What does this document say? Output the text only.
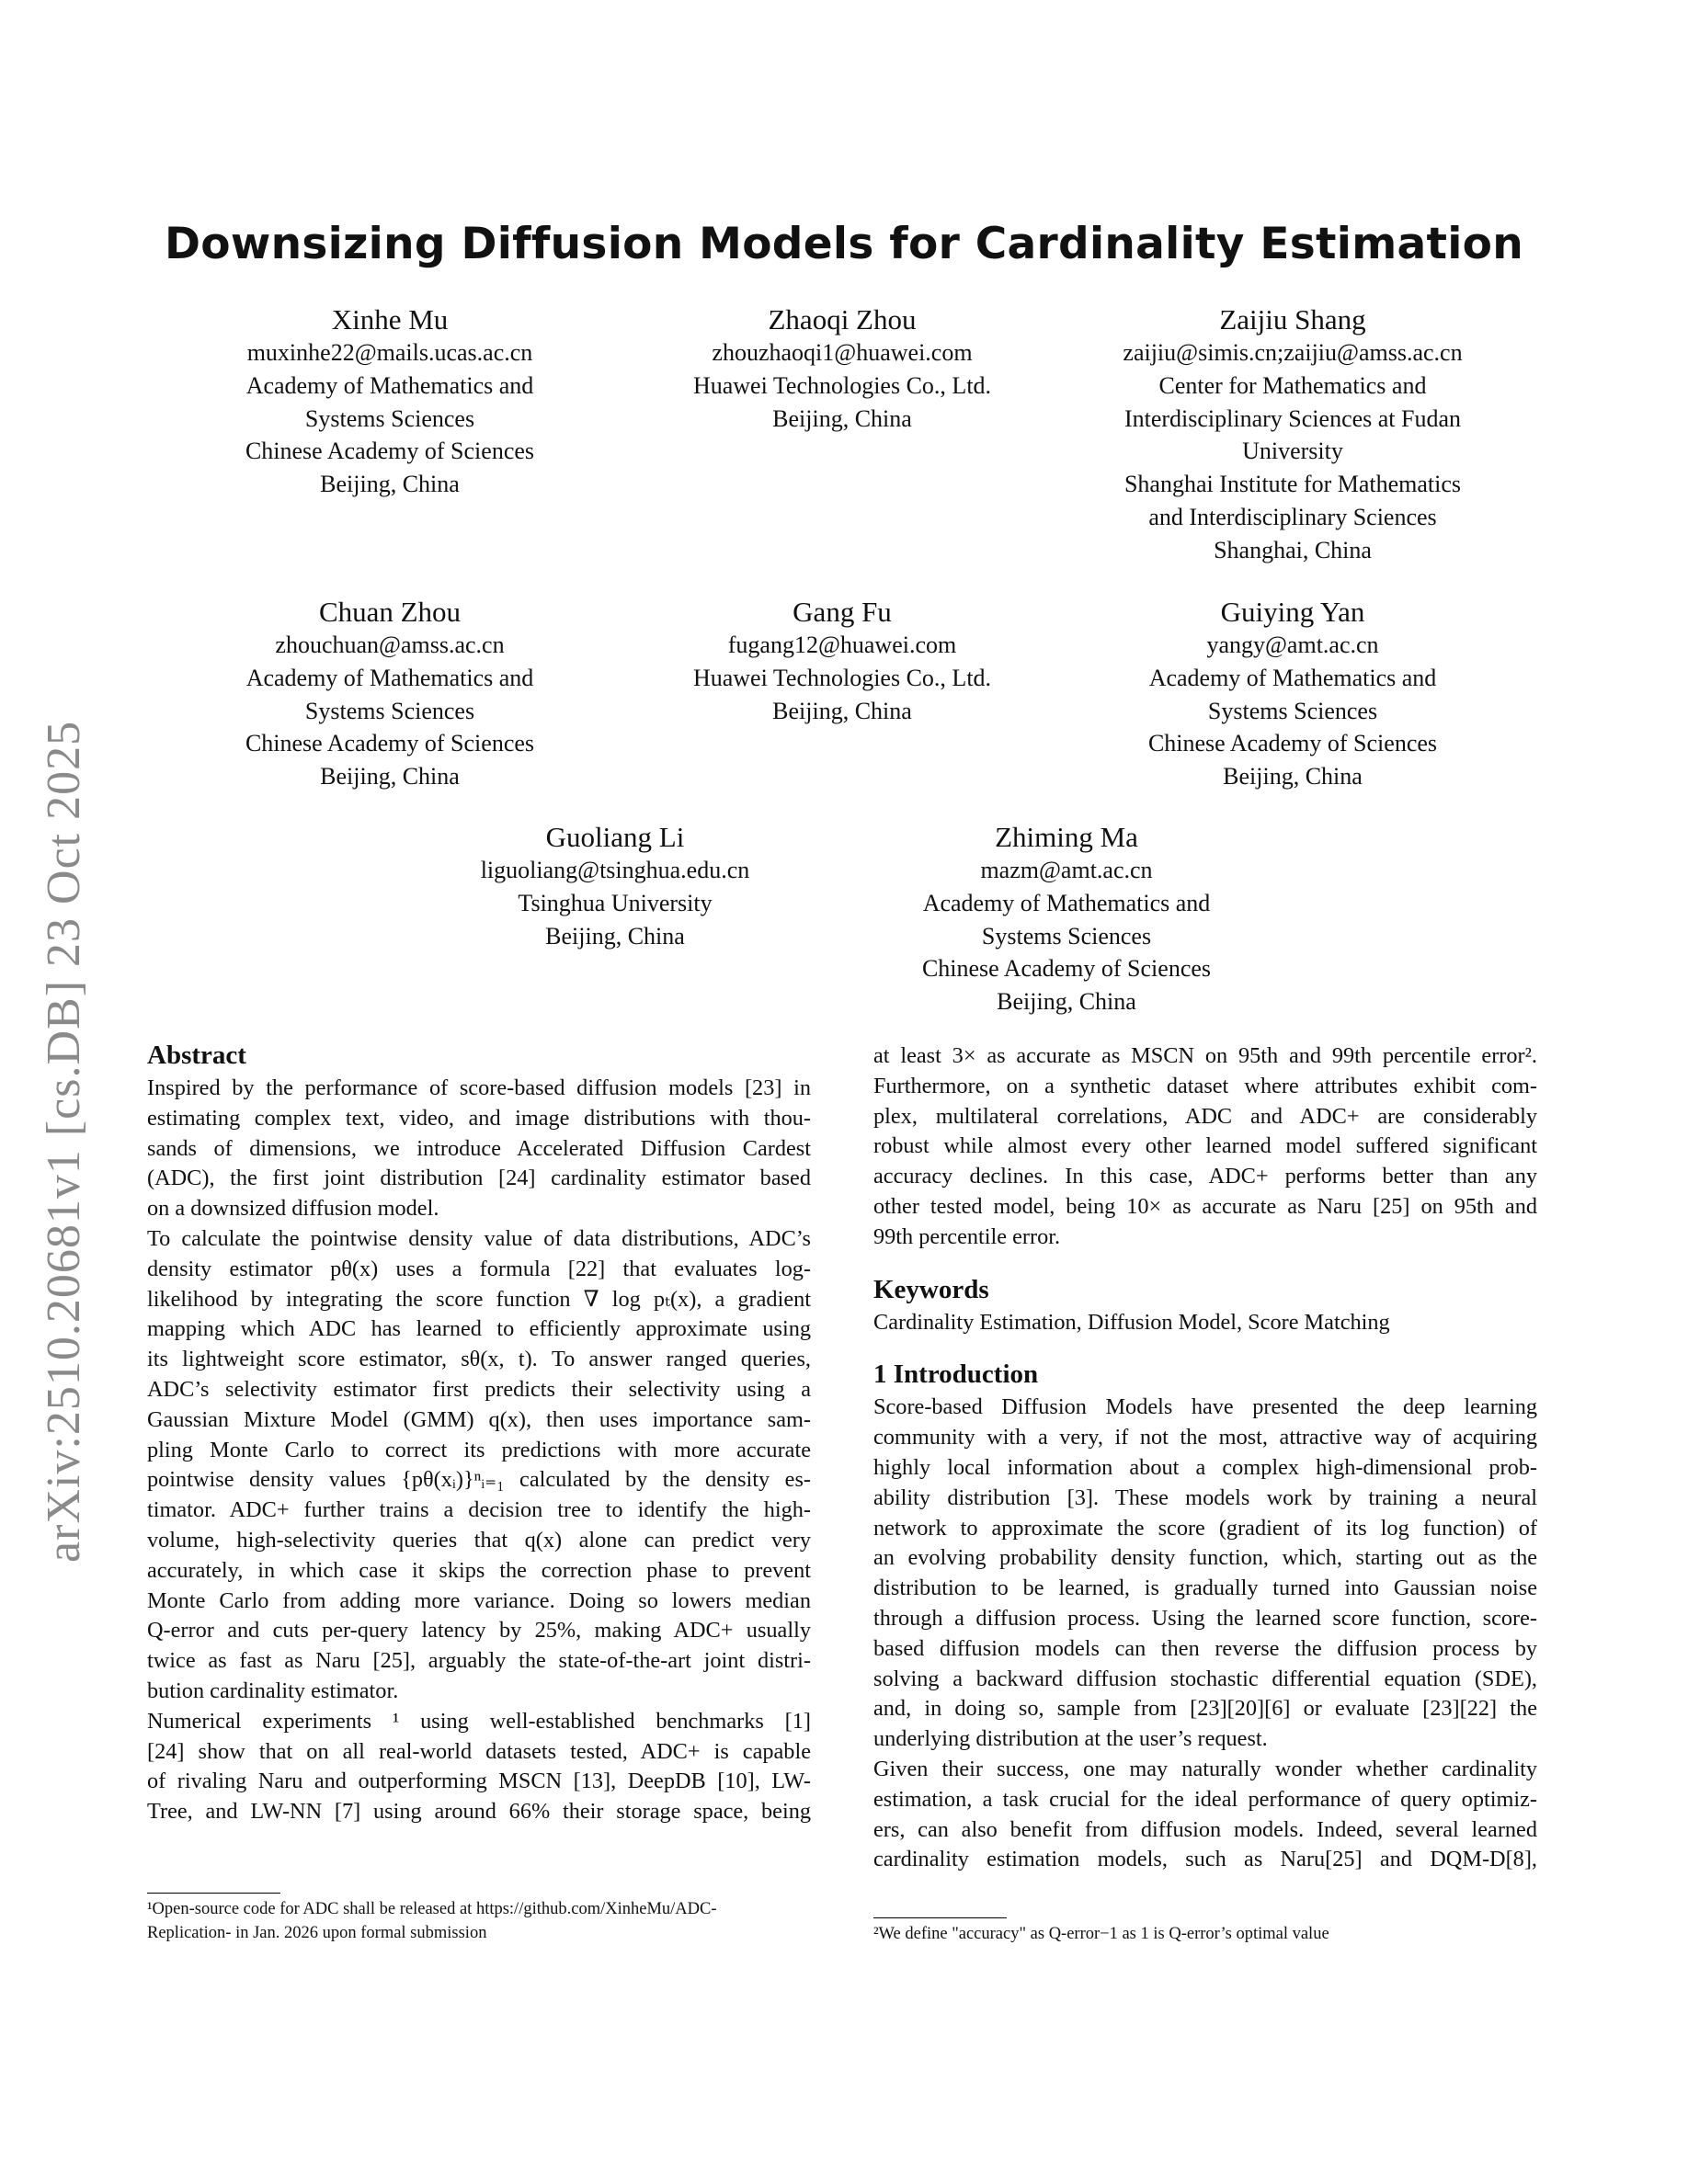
arXiv:2510.20681v1 [cs.DB] 23 Oct 2025
Downsizing Diffusion Models for Cardinality Estimation
Xinhe Mu
muxinhe22@mails.ucas.ac.cn
Academy of Mathematics and
Systems Sciences
Chinese Academy of Sciences
Beijing, China
Zhaoqi Zhou
zhouzhaoqi1@huawei.com
Huawei Technologies Co., Ltd.
Beijing, China
Zaijiu Shang
zaijiu@simis.cn;zaijiu@amss.ac.cn
Center for Mathematics and
Interdisciplinary Sciences at Fudan
University
Shanghai Institute for Mathematics
and Interdisciplinary Sciences
Shanghai, China
Chuan Zhou
zhouchuan@amss.ac.cn
Academy of Mathematics and
Systems Sciences
Chinese Academy of Sciences
Beijing, China
Gang Fu
fugang12@huawei.com
Huawei Technologies Co., Ltd.
Beijing, China
Guiying Yan
yangy@amt.ac.cn
Academy of Mathematics and
Systems Sciences
Chinese Academy of Sciences
Beijing, China
Guoliang Li
liguoliang@tsinghua.edu.cn
Tsinghua University
Beijing, China
Zhiming Ma
mazm@amt.ac.cn
Academy of Mathematics and
Systems Sciences
Chinese Academy of Sciences
Beijing, China
Abstract
Inspired by the performance of score-based diffusion models [23] in
estimating complex text, video, and image distributions with thou-
sands of dimensions, we introduce Accelerated Diffusion Cardest
(ADC), the first joint distribution [24] cardinality estimator based
on a downsized diffusion model.
To calculate the pointwise density value of data distributions, ADC’s
density estimator pθ(x) uses a formula [22] that evaluates log-
likelihood by integrating the score function ∇ log pₜ(x), a gradient
mapping which ADC has learned to efficiently approximate using
its lightweight score estimator, sθ(x, t). To answer ranged queries,
ADC’s selectivity estimator first predicts their selectivity using a
Gaussian Mixture Model (GMM) q(x), then uses importance sam-
pling Monte Carlo to correct its predictions with more accurate
pointwise density values {pθ(xᵢ)}ⁿᵢ₌₁ calculated by the density es-
timator. ADC+ further trains a decision tree to identify the high-
volume, high-selectivity queries that q(x) alone can predict very
accurately, in which case it skips the correction phase to prevent
Monte Carlo from adding more variance. Doing so lowers median
Q-error and cuts per-query latency by 25%, making ADC+ usually
twice as fast as Naru [25], arguably the state-of-the-art joint distri-
bution cardinality estimator.
Numerical experiments ¹ using well-established benchmarks [1]
[24] show that on all real-world datasets tested, ADC+ is capable
of rivaling Naru and outperforming MSCN [13], DeepDB [10], LW-
Tree, and LW-NN [7] using around 66% their storage space, being
at least 3× as accurate as MSCN on 95th and 99th percentile error².
Furthermore, on a synthetic dataset where attributes exhibit com-
plex, multilateral correlations, ADC and ADC+ are considerably
robust while almost every other learned model suffered significant
accuracy declines. In this case, ADC+ performs better than any
other tested model, being 10× as accurate as Naru [25] on 95th and
99th percentile error.
Keywords
Cardinality Estimation, Diffusion Model, Score Matching
1 Introduction
Score-based Diffusion Models have presented the deep learning
community with a very, if not the most, attractive way of acquiring
highly local information about a complex high-dimensional prob-
ability distribution [3]. These models work by training a neural
network to approximate the score (gradient of its log function) of
an evolving probability density function, which, starting out as the
distribution to be learned, is gradually turned into Gaussian noise
through a diffusion process. Using the learned score function, score-
based diffusion models can then reverse the diffusion process by
solving a backward diffusion stochastic differential equation (SDE),
and, in doing so, sample from [23][20][6] or evaluate [23][22] the
underlying distribution at the user’s request.
Given their success, one may naturally wonder whether cardinality
estimation, a task crucial for the ideal performance of query optimiz-
ers, can also benefit from diffusion models. Indeed, several learned
cardinality estimation models, such as Naru[25] and DQM-D[8],
¹Open-source code for ADC shall be released at https://github.com/XinheMu/ADC-
Replication- in Jan. 2026 upon formal submission	²We define "accuracy" as Q-error−1 as 1 is Q-error’s optimal value
